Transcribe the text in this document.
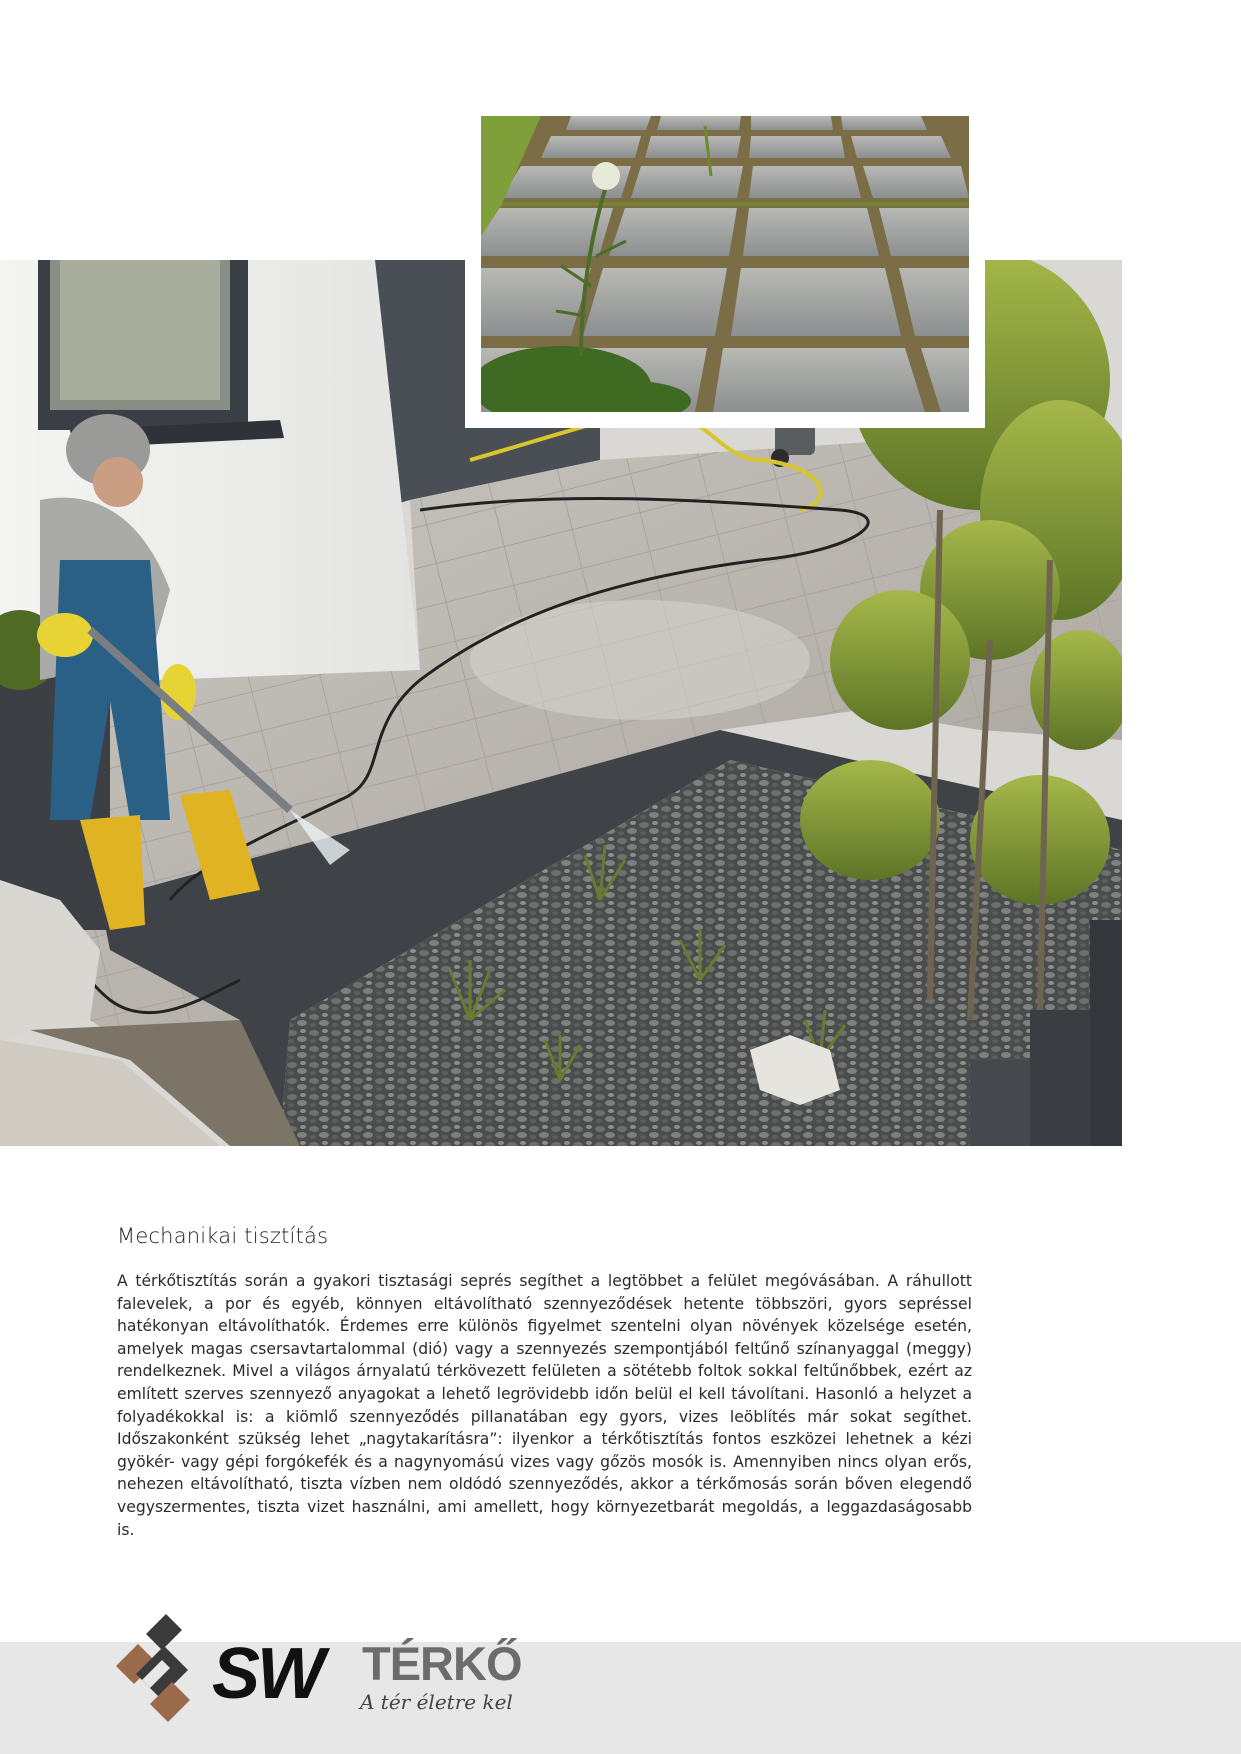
Mechanikai tisztítás

A térkőtisztítás során a gyakori tisztasági seprés segíthet a legtöbbet a felület megóvásában. A ráhullott falevelek, a por és egyéb, könnyen eltávolítható szennyeződések hetente többszöri, gyors sepréssel hatékonyan eltávolíthatók. Érdemes erre különös figyelmet szentelni olyan növények közelsége esetén, amelyek magas csersavtartalommal (dió) vagy a szennyezés szempontjából feltűnő színanyaggal (meggy) rendelkeznek. Mivel a világos árnyalatú térkövezett felületen a sötétebb foltok sokkal feltűnőbbek, ezért az említett szerves szennyező anyagokat a lehető legrövidebb időn belül el kell távolítani. Hasonló a helyzet a folyadékokkal is: a kiömlő szennyeződés pillanatában egy gyors, vizes leöblítés már sokat segíthet. Időszakonként szükség lehet „nagytakarításra”: ilyenkor a térkőtisztítás fontos eszközei lehetnek a kézi gyökér- vagy gépi forgókefék és a nagynyomású vizes vagy gőzös mosók is. Amennyiben nincs olyan erős, nehezen eltávolítható, tiszta vízben nem oldódó szennyeződés, akkor a térkőmosás során bőven elegendő vegyszermentes, tiszta vizet használni, ami amellett, hogy környezetbarát megoldás, a leggazdaságosabb is.

SW TÉRKŐ
A tér életre kel
